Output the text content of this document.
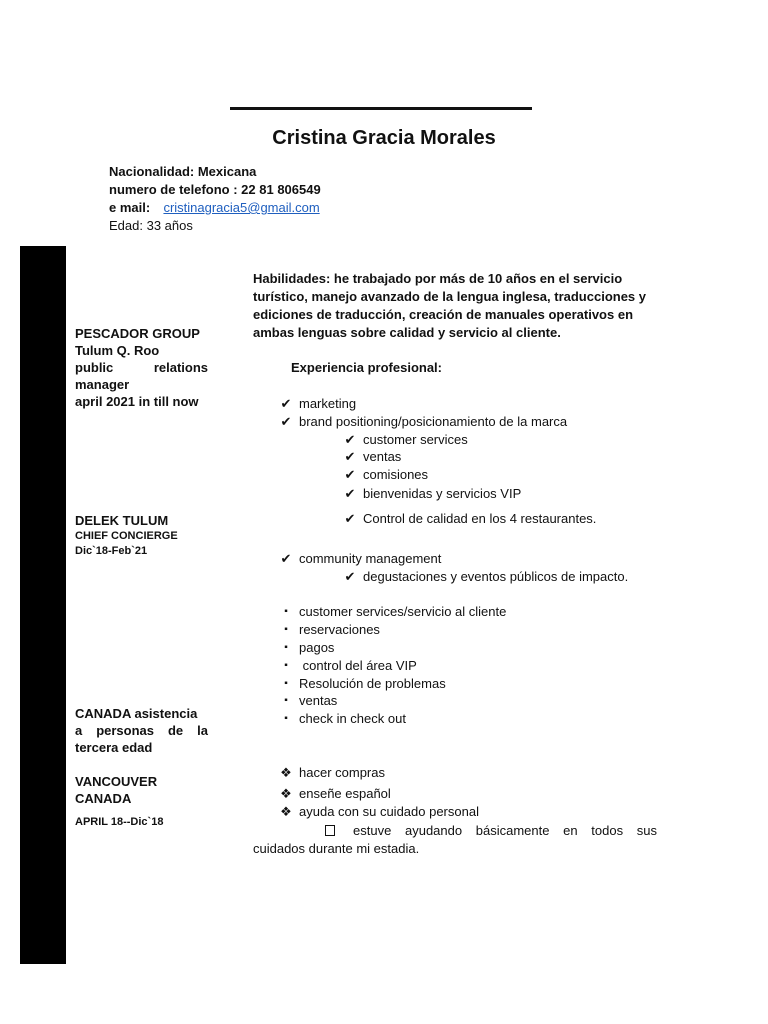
Cristina Gracia Morales
Nacionalidad: Mexicana
numero de telefono : 22 81 806549
e mail: cristinagracia5@gmail.com
Edad: 33 años
PESCADOR GROUP
Tulum Q. Roo
public	relations
manager
april 2021 in till now
DELEK TULUM
CHIEF CONCIERGE
Dic`18-Feb`21
CANADA asistencia
a personas de la
tercera edad
VANCOUVER
CANADA
APRIL 18--Dic`18
Habilidades: he trabajado por más de 10 años en el servicio turístico, manejo avanzado de la lengua inglesa, traducciones y ediciones de traducción, creación de manuales operativos en ambas lenguas sobre calidad y servicio al cliente.
Experiencia profesional:
✔ marketing
✔ brand positioning/posicionamiento de la marca
✔ customer services
✔ ventas
✔ comisiones
✔ bienvenidas y servicios VIP
✔ Control de calidad en los 4 restaurantes.
✔ community management
✔ degustaciones y eventos públicos de impacto.
▪ customer services/servicio al cliente
▪ reservaciones
▪ pagos
▪ control del área VIP
▪ Resolución de problemas
▪ ventas
▪ check in check out
❖ hacer compras
❖ enseñe español
❖ ayuda con su cuidado personal
estuve ayudando básicamente en todos sus cuidados durante mi estadia.
